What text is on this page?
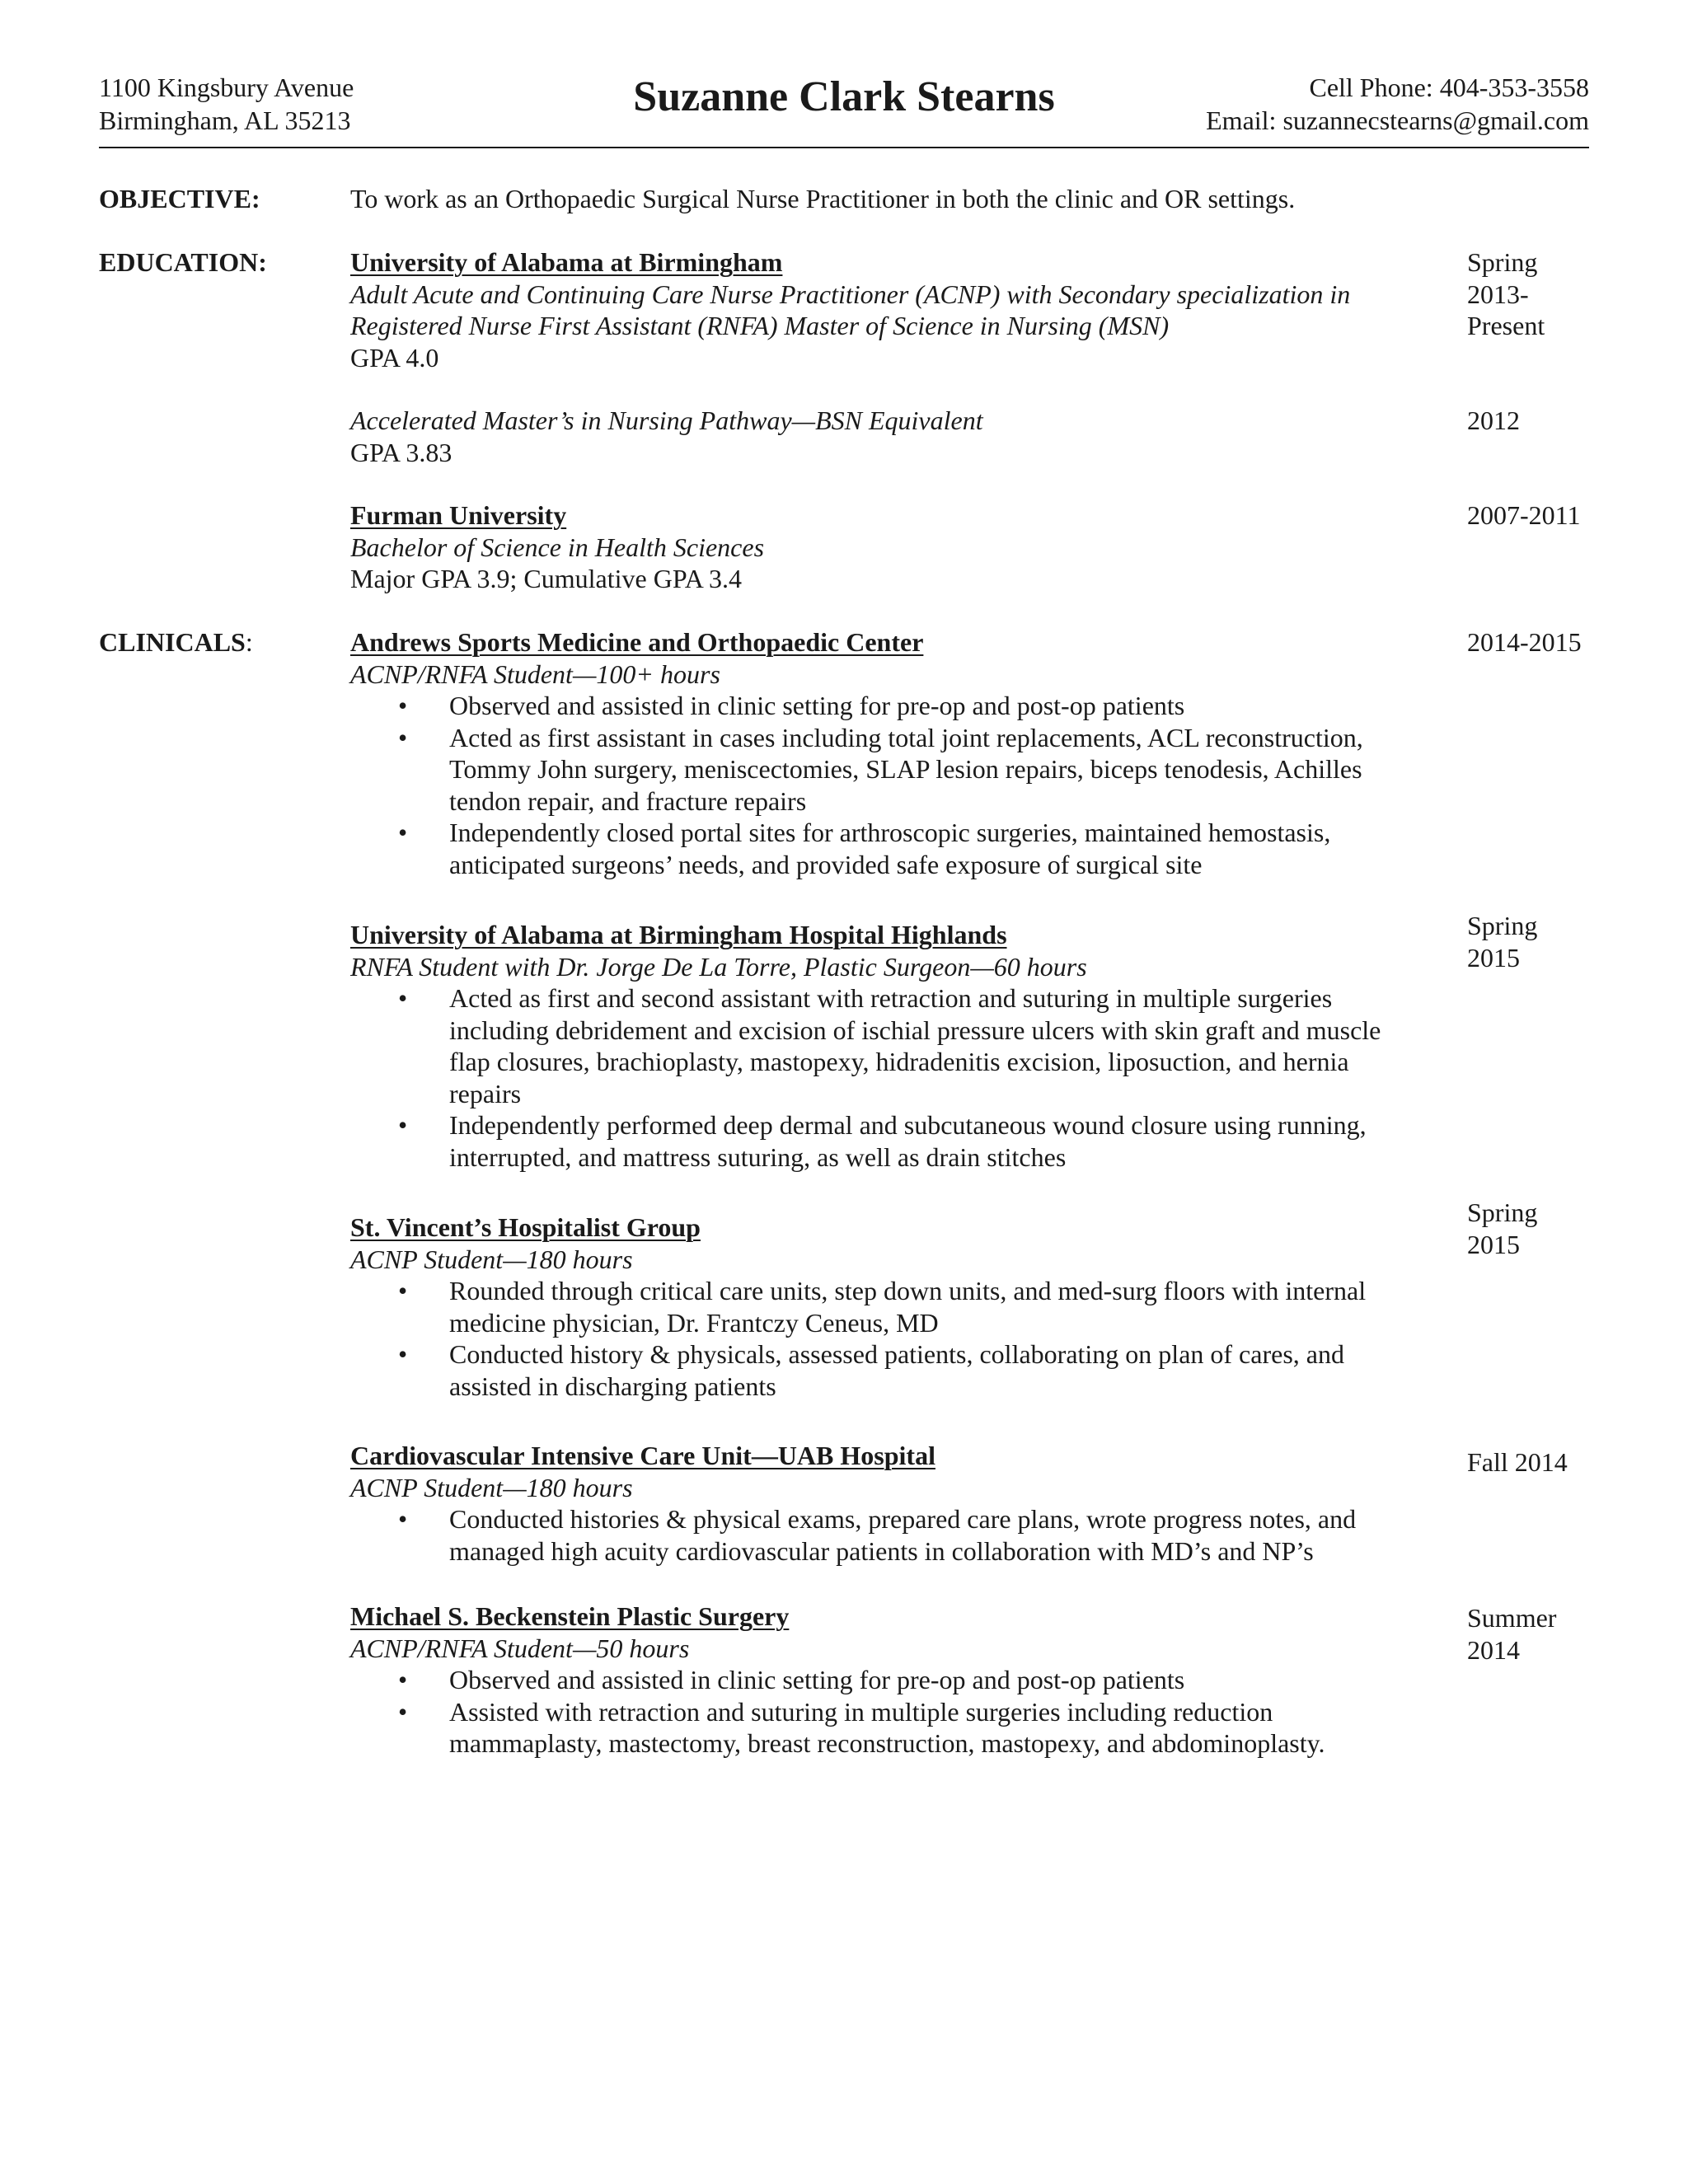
1100 Kingsbury Avenue
Birmingham, AL 35213	Suzanne Clark Stearns	Cell Phone: 404-353-3558
Email: suzannecstearns@gmail.com
OBJECTIVE:	To work as an Orthopaedic Surgical Nurse Practitioner in both the clinic and OR settings.
EDUCATION:	University of Alabama at Birmingham
Adult Acute and Continuing Care Nurse Practitioner (ACNP) with Secondary specialization in
Registered Nurse First Assistant (RNFA) Master of Science in Nursing (MSN)
GPA 4.0
Spring
2013-
Present
Accelerated Master’s in Nursing Pathway—BSN Equivalent
GPA 3.83
2012
Furman University
Bachelor of Science in Health Sciences
Major GPA 3.9; Cumulative GPA 3.4
2007-2011
CLINICALS:	Andrews Sports Medicine and Orthopaedic Center
ACNP/RNFA Student—100+ hours
• Observed and assisted in clinic setting for pre-op and post-op patients
• Acted as first assistant in cases including total joint replacements, ACL reconstruction,
Tommy John surgery, meniscectomies, SLAP lesion repairs, biceps tenodesis, Achilles
tendon repair, and fracture repairs
• Independently closed portal sites for arthroscopic surgeries, maintained hemostasis,
anticipated surgeons’ needs, and provided safe exposure of surgical site
2014-2015
University of Alabama at Birmingham Hospital Highlands
RNFA Student with Dr. Jorge De La Torre, Plastic Surgeon—60 hours
• Acted as first and second assistant with retraction and suturing in multiple surgeries
including debridement and excision of ischial pressure ulcers with skin graft and muscle
flap closures, brachioplasty, mastopexy, hidradenitis excision, liposuction, and hernia
repairs
• Independently performed deep dermal and subcutaneous wound closure using running,
interrupted, and mattress suturing, as well as drain stitches
Spring
2015
St. Vincent’s Hospitalist Group
ACNP Student—180 hours
• Rounded through critical care units, step down units, and med-surg floors with internal
medicine physician, Dr. Frantczy Ceneus, MD
• Conducted history & physicals, assessed patients, collaborating on plan of cares, and
assisted in discharging patients
Spring
2015
Cardiovascular Intensive Care Unit—UAB Hospital
ACNP Student—180 hours
• Conducted histories & physical exams, prepared care plans, wrote progress notes, and
managed high acuity cardiovascular patients in collaboration with MD’s and NP’s
Fall 2014
Michael S. Beckenstein Plastic Surgery
ACNP/RNFA Student—50 hours
• Observed and assisted in clinic setting for pre-op and post-op patients
• Assisted with retraction and suturing in multiple surgeries including reduction
mammaplasty, mastectomy, breast reconstruction, mastopexy, and abdominoplasty.
Summer
2014
